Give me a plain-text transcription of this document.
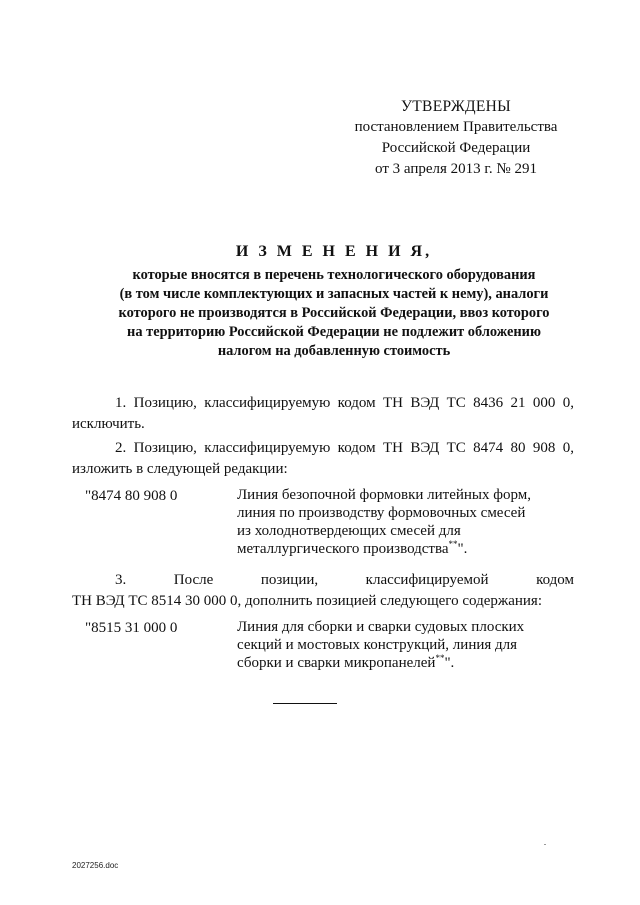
УТВЕРЖДЕНЫ
постановлением Правительства
Российской Федерации
от 3 апреля 2013 г. № 291
И З М Е Н Е Н И Я,
которые вносятся в перечень технологического оборудования
(в том числе комплектующих и запасных частей к нему), аналоги
которого не производятся в Российской Федерации, ввоз которого
на территорию Российской Федерации не подлежит обложению
налогом на добавленную стоимость
1. Позицию, классифицируемую кодом ТН ВЭД ТС 8436 21 000 0,
исключить.
2. Позицию, классифицируемую кодом ТН ВЭД ТС 8474 80 908 0,
изложить в следующей редакции:
"8474 80 908 0	Линия безопочной формовки литейных форм,
линия по производству формовочных смесей
из холоднотвердеющих смесей для
металлургического производства**".
3. После позиции, классифицируемой кодом
ТН ВЭД ТС 8514 30 000 0, дополнить позицией следующего содержания:
"8515 31 000 0	Линия для сборки и сварки судовых плоских
секций и мостовых конструкций, линия для
сборки и сварки микропанелей**".
2027256.doc
